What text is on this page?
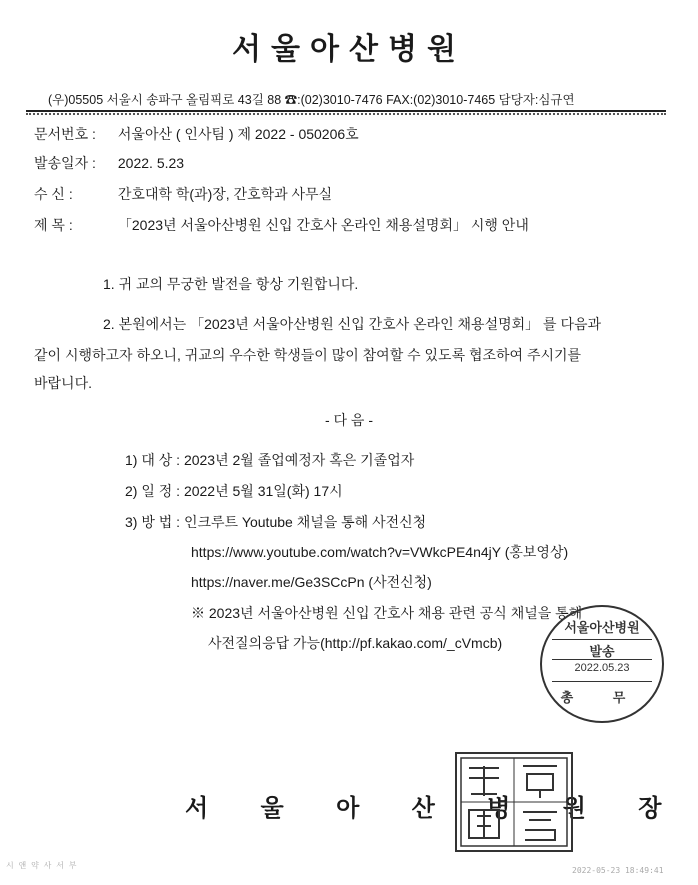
서울아산병원
(우)05505 서울시 송파구 올림픽로 43길 88 ☎:(02)3010-7476 FAX:(02)3010-7465 담당자:심규연
문서번호 : 서울아산 ( 인사팀 ) 제 2022 - 050206호
발송일자 : 2022. 5.23
수 신 :	간호대학 학(과)장, 간호학과 사무실
제 목 :	「2023년 서울아산병원 신입 간호사 온라인 채용설명회」 시행 안내
1. 귀 교의 무궁한 발전을 항상 기원합니다.
2. 본원에서는 「2023년 서울아산병원 신입 간호사 온라인 채용설명회」 를 다음과
같이 시행하고자 하오니, 귀교의 우수한 학생들이 많이 참여할 수 있도록 협조하여 주시기를
바랍니다.
- 다 음 -
1) 대 상 : 2023년 2월 졸업예정자 혹은 기졸업자
2) 일 정 : 2022년 5월 31일(화) 17시
3) 방 법 : 인크루트 Youtube 채널을 통해 사전신청
https://www.youtube.com/watch?v=VWkcPE4n4jY (홍보영상)
https://naver.me/Ge3SCcPn (사전신청)
※ 2023년 서울아산병원 신입 간호사 채용 관련 공식 채널을 통해
사전질의응답 가능(http://pf.kakao.com/_cVmcb)
서울아산병원
발송
2022.05.23
총 무
서 울 아 산 병 원 장
시 앤 약 사 서 부
2022-05-23 18:49:41
